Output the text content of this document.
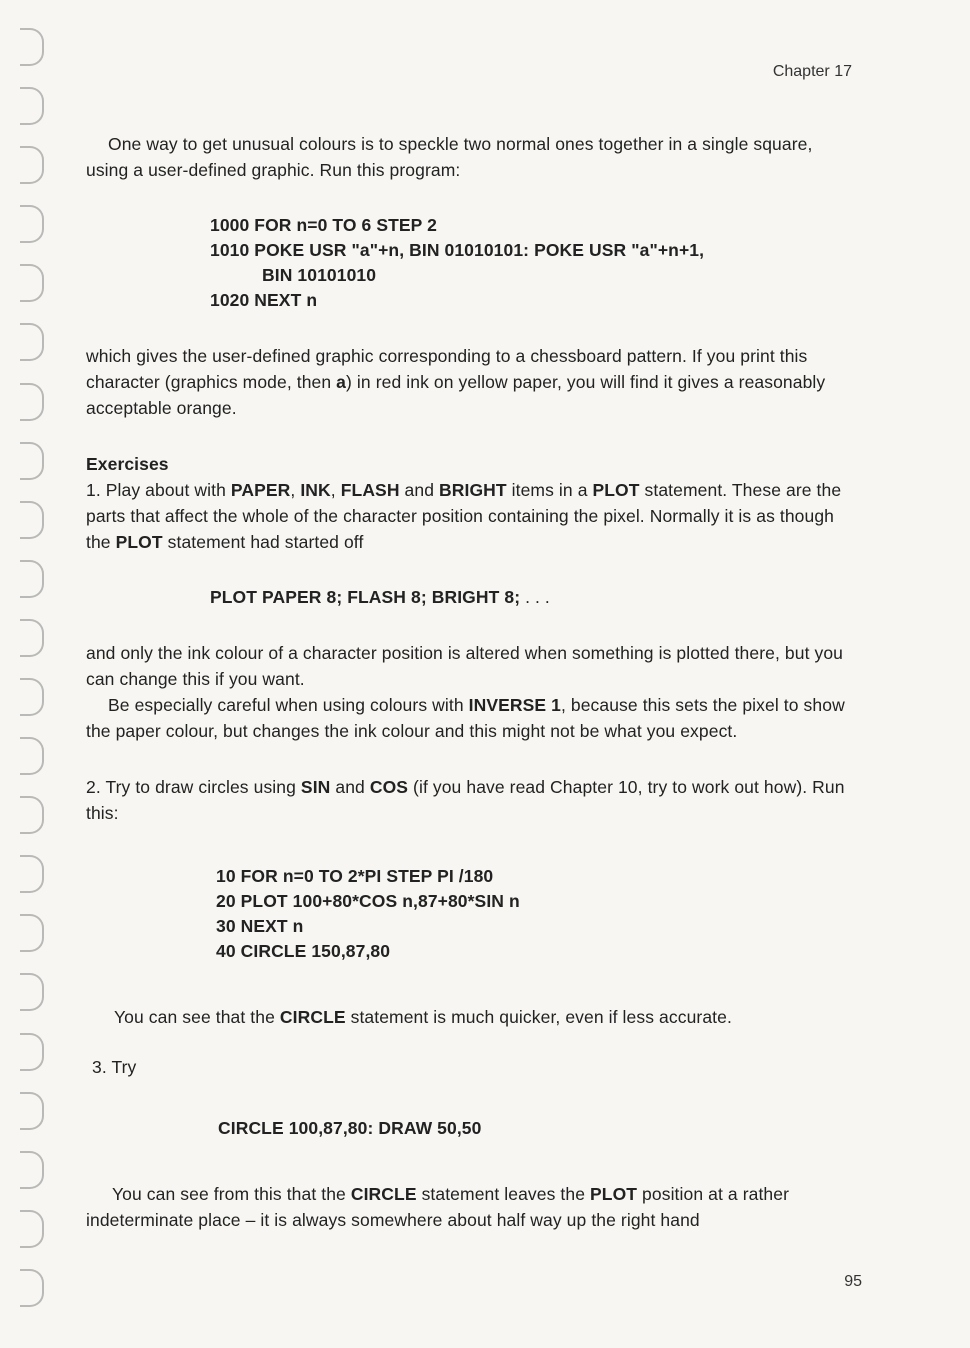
Chapter 17

One way to get unusual colours is to speckle two normal ones together in a single square, using a user-defined graphic. Run this program:

1000 FOR n=0 TO 6 STEP 2

1010 POKE USR "a"+n, BIN 01010101: POKE USR "a"+n+1,

BIN 10101010

1020 NEXT n

which gives the user-defined graphic corresponding to a chessboard pattern. If you print this character (graphics mode, then a) in red ink on yellow paper, you will find it gives a reasonably acceptable orange.

Exercises

1. Play about with PAPER, INK, FLASH and BRIGHT items in a PLOT statement. These are the parts that affect the whole of the character position containing the pixel. Normally it is as though the PLOT statement had started off

PLOT PAPER 8; FLASH 8; BRIGHT 8; . . .

and only the ink colour of a character position is altered when something is plotted there, but you can change this if you want.

Be especially careful when using colours with INVERSE 1, because this sets the pixel to show the paper colour, but changes the ink colour and this might not be what you expect.

2. Try to draw circles using SIN and COS (if you have read Chapter 10, try to work out how). Run this:

10 FOR n=0 TO 2*PI STEP PI /180

20 PLOT 100+80*COS n,87+80*SIN n

30 NEXT n

40 CIRCLE 150,87,80

You can see that the CIRCLE statement is much quicker, even if less accurate.

3. Try

CIRCLE 100,87,80: DRAW 50,50

You can see from this that the CIRCLE statement leaves the PLOT position at a rather indeterminate place – it is always somewhere about half way up the right hand

95
